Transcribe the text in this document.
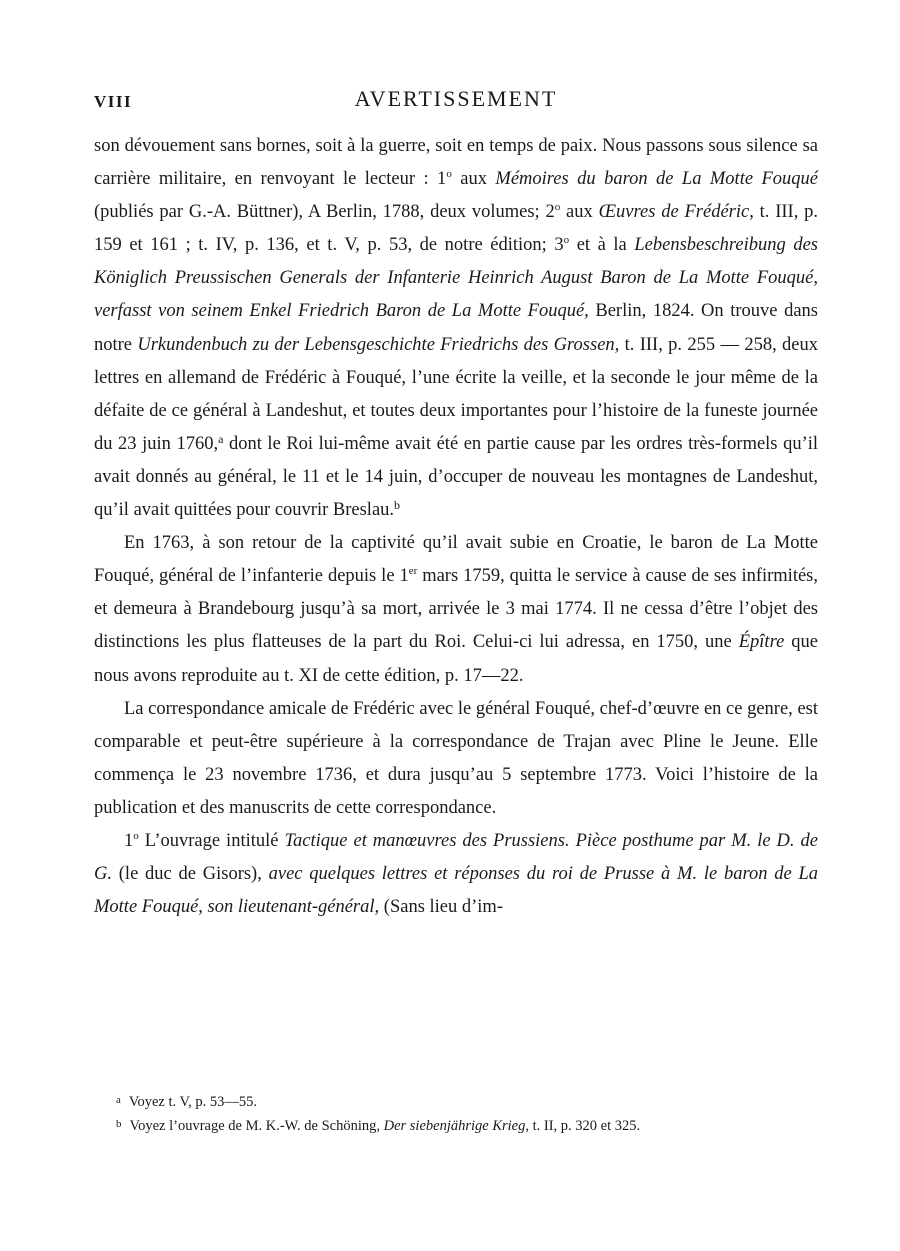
VIII	AVERTISSEMENT

son dévouement sans bornes, soit à la guerre, soit en temps de paix. Nous passons sous silence sa carrière militaire, en renvoyant le lecteur : 1$^o$ aux Mémoires du baron de La Motte Fouqué (publiés par G.-A. Büttner), A Berlin, 1788, deux volumes; 2$^o$ aux Œuvres de Frédéric, t. III, p. 159 et 161 ; t. IV, p. 136, et t. V, p. 53, de notre édition; 3$^o$ et à la Lebensbeschreibung des Königlich Preussischen Generals der Infanterie Heinrich August Baron de La Motte Fouqué, verfasst von seinem Enkel Friedrich Baron de La Motte Fouqué, Berlin, 1824. On trouve dans notre Urkundenbuch zu der Lebensgeschichte Friedrichs des Grossen, t. III, p. 255 — 258, deux lettres en allemand de Frédéric à Fouqué, l’une écrite la veille, et la seconde le jour même de la défaite de ce général à Landeshut, et toutes deux importantes pour l’histoire de la funeste journée du 23 juin 1760,$^a$ dont le Roi lui-même avait été en partie cause par les ordres très-formels qu’il avait donnés au général, le 11 et le 14 juin, d’occuper de nouveau les montagnes de Landeshut, qu’il avait quittées pour couvrir Breslau.$^b$

En 1763, à son retour de la captivité qu’il avait subie en Croatie, le baron de La Motte Fouqué, général de l’infanterie depuis le 1er mars 1759, quitta le service à cause de ses infirmités, et demeura à Brandebourg jusqu’à sa mort, arrivée le 3 mai 1774. Il ne cessa d’être l’objet des distinctions les plus flatteuses de la part du Roi. Celui-ci lui adressa, en 1750, une Épître que nous avons reproduite au t. XI de cette édition, p. 17—22.

La correspondance amicale de Frédéric avec le général Fouqué, chef-d’œuvre en ce genre, est comparable et peut-être supérieure à la correspondance de Trajan avec Pline le Jeune. Elle commença le 23 novembre 1736, et dura jusqu’au 5 septembre 1773. Voici l’histoire de la publication et des manuscrits de cette correspondance.

1$^o$ L’ouvrage intitulé Tactique et manœuvres des Prussiens. Pièce posthume par M. le D. de G. (le duc de Gisors), avec quelques lettres et réponses du roi de Prusse à M. le baron de La Motte Fouqué, son lieutenant-général, (Sans lieu d’im-

$^a$ Voyez t. V, p. 53—55.

$^b$ Voyez l’ouvrage de M. K.-W. de Schöning, Der siebenjährige Krieg, t. II, p. 320 et 325.
